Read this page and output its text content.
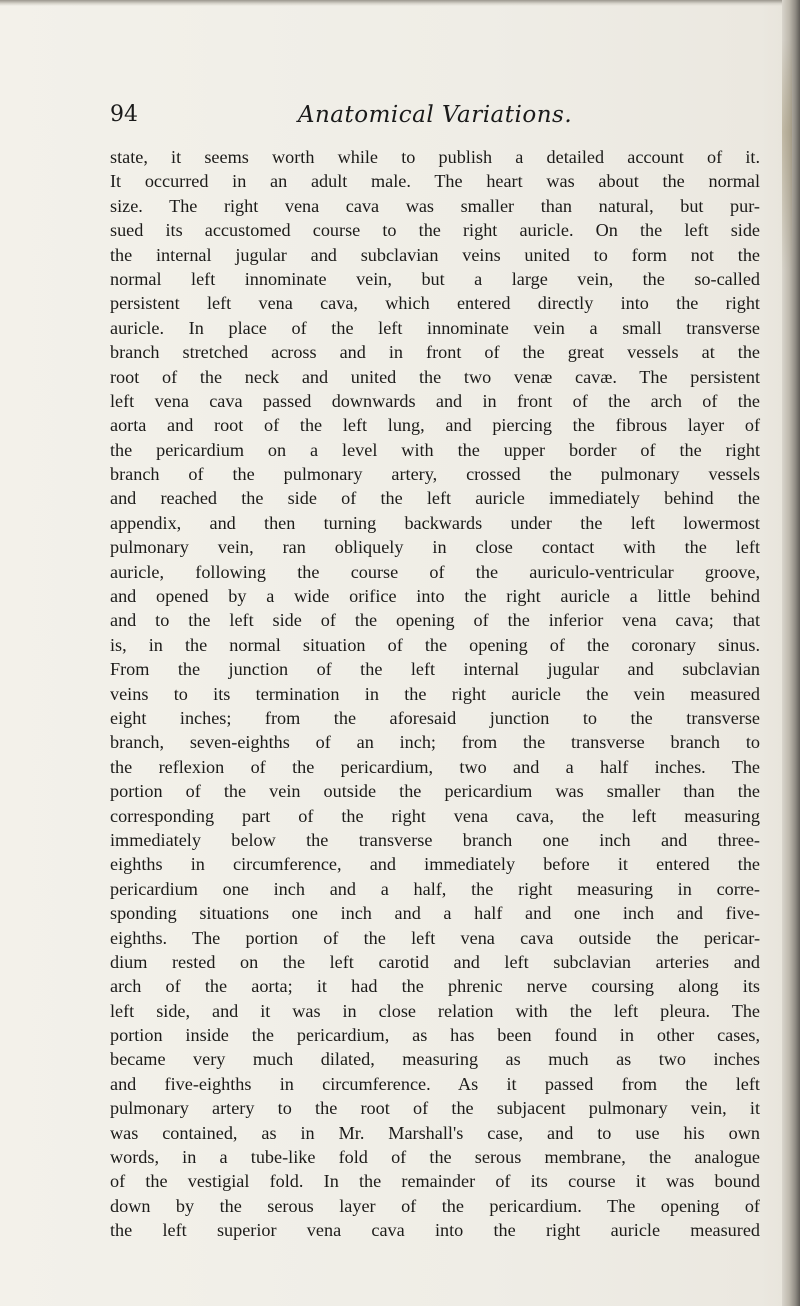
94	Anatomical Variations.
state, it seems worth while to publish a detailed account of it.
It occurred in an adult male. The heart was about the normal
size. The right vena cava was smaller than natural, but pur-
sued its accustomed course to the right auricle. On the left side
the internal jugular and subclavian veins united to form not the
normal left innominate vein, but a large vein, the so-called
persistent left vena cava, which entered directly into the right
auricle. In place of the left innominate vein a small transverse
branch stretched across and in front of the great vessels at the
root of the neck and united the two venæ cavæ. The persistent
left vena cava passed downwards and in front of the arch of the
aorta and root of the left lung, and piercing the fibrous layer of
the pericardium on a level with the upper border of the right
branch of the pulmonary artery, crossed the pulmonary vessels
and reached the side of the left auricle immediately behind the
appendix, and then turning backwards under the left lowermost
pulmonary vein, ran obliquely in close contact with the left
auricle, following the course of the auriculo-ventricular groove,
and opened by a wide orifice into the right auricle a little behind
and to the left side of the opening of the inferior vena cava; that
is, in the normal situation of the opening of the coronary sinus.
From the junction of the left internal jugular and subclavian
veins to its termination in the right auricle the vein measured
eight inches; from the aforesaid junction to the transverse
branch, seven-eighths of an inch; from the transverse branch to
the reflexion of the pericardium, two and a half inches. The
portion of the vein outside the pericardium was smaller than the
corresponding part of the right vena cava, the left measuring
immediately below the transverse branch one inch and three-
eighths in circumference, and immediately before it entered the
pericardium one inch and a half, the right measuring in corre-
sponding situations one inch and a half and one inch and five-
eighths. The portion of the left vena cava outside the pericar-
dium rested on the left carotid and left subclavian arteries and
arch of the aorta; it had the phrenic nerve coursing along its
left side, and it was in close relation with the left pleura. The
portion inside the pericardium, as has been found in other cases,
became very much dilated, measuring as much as two inches
and five-eighths in circumference. As it passed from the left
pulmonary artery to the root of the subjacent pulmonary vein, it
was contained, as in Mr. Marshall's case, and to use his own
words, in a tube-like fold of the serous membrane, the analogue
of the vestigial fold. In the remainder of its course it was bound
down by the serous layer of the pericardium. The opening of
the left superior vena cava into the right auricle measured
